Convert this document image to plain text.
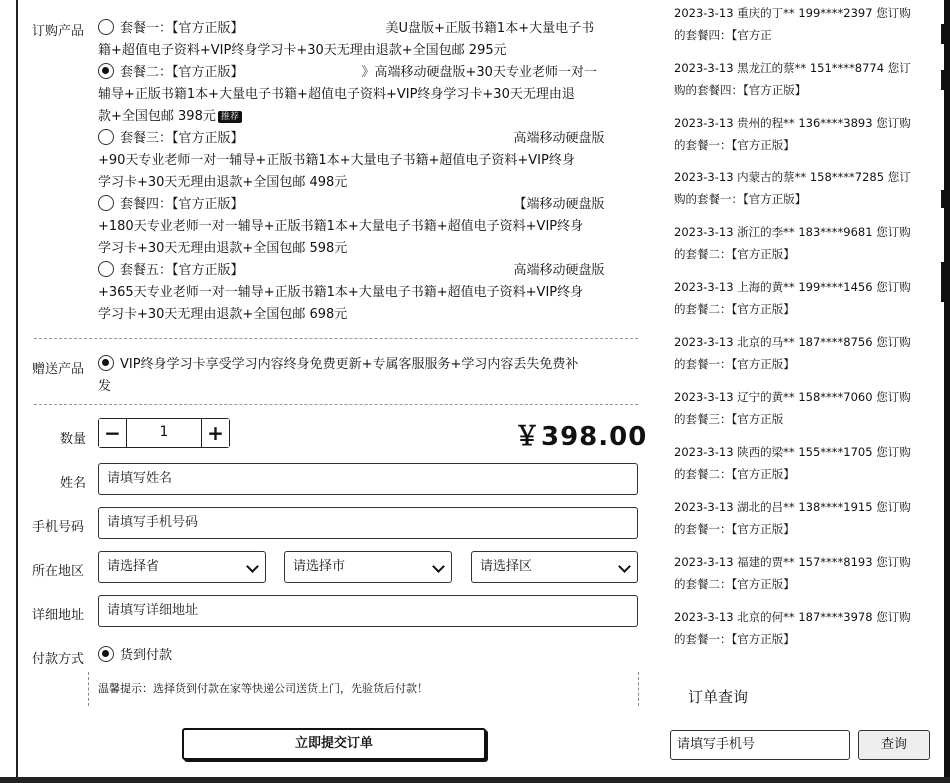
订购产品	套餐一：【官方正版】	美U盘版+正版书籍1本+大量电子书
籍+超值电子资料+VIP终身学习卡+30天无理由退款+全国包邮 295元
套餐二：【官方正版】	》高端移动硬盘版+30天专业老师一对一
辅导+正版书籍1本+大量电子书籍+超值电子资料+VIP终身学习卡+30天无理由退
款+全国包邮 398元 推荐
套餐三：【官方正版】	高端移动硬盘版
+90天专业老师一对一辅导+正版书籍1本+大量电子书籍+超值电子资料+VIP终身
学习卡+30天无理由退款+全国包邮 498元
套餐四：【官方正版】	【端移动硬盘版
+180天专业老师一对一辅导+正版书籍1本+大量电子书籍+超值电子资料+VIP终身
学习卡+30天无理由退款+全国包邮 598元
套餐五：【官方正版】	高端移动硬盘版
+365天专业老师一对一辅导+正版书籍1本+大量电子书籍+超值电子资料+VIP终身
学习卡+30天无理由退款+全国包邮 698元
赠送产品	VIP终身学习卡享受学习内容终身免费更新+专属客服服务+学习内容丢失免费补
发
数量 −	1	+	￥398.00
姓名	请填写姓名
手机号码	请填写手机号码
所在地区	请选择省	请选择市	请选择区
详细地址	请填写详细地址
付款方式	货到付款
温馨提示：选择货到付款在家等快递公司送货上门，先验货后付款！
立即提交订单
2023-3-13 重庆的丁** 199****2397 您订购
的套餐四：【官方正
2023-3-13 黑龙江的蔡** 151****8774 您订
购的套餐四：【官方正版】
2023-3-13 贵州的程** 136****3893 您订购
的套餐一：【官方正版】
2023-3-13 内蒙古的蔡** 158****7285 您订
购的套餐一：【官方正版】
2023-3-13 浙江的李** 183****9681 您订购
的套餐二：【官方正版】
2023-3-13 上海的黄** 199****1456 您订购
的套餐二：【官方正版】
2023-3-13 北京的马** 187****8756 您订购
的套餐一：【官方正版】
2023-3-13 辽宁的黄** 158****7060 您订购
的套餐三：【官方正版
2023-3-13 陕西的梁** 155****1705 您订购
的套餐二：【官方正版】
2023-3-13 湖北的吕** 138****1915 您订购
的套餐一：【官方正版】
2023-3-13 福建的贾** 157****8193 您订购
的套餐二：【官方正版】
2023-3-13 北京的何** 187****3978 您订购
的套餐一：【官方正版】
订单查询
请填写手机号	查询
